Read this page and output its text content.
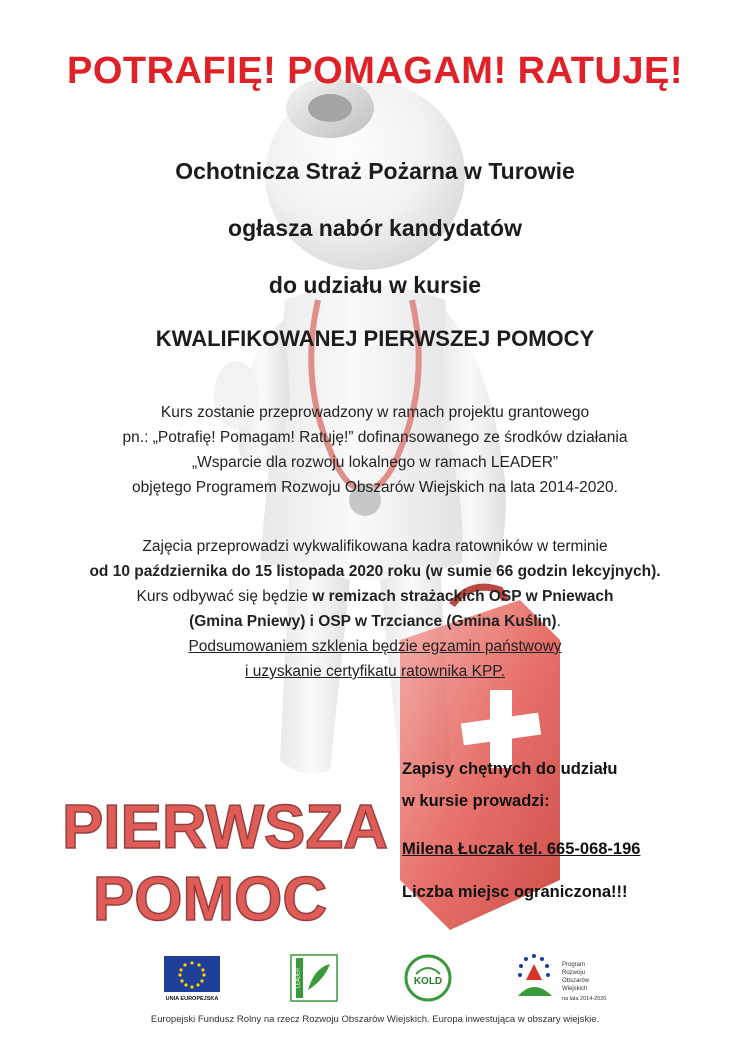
PIERWSZA
POMOC
POTRAFIĘ! POMAGAM! RATUJĘ!
Ochotnicza Straż Pożarna w Turowie
ogłasza nabór kandydatów
do udziału w kursie
KWALIFIKOWANEJ PIERWSZEJ POMOCY
Kurs zostanie przeprowadzony w ramach projektu grantowego
pn.: „Potrafię! Pomagam! Ratuję!” dofinansowanego ze środków działania
„Wsparcie dla rozwoju lokalnego w ramach LEADER”
objętego Programem Rozwoju Obszarów Wiejskich na lata 2014-2020.
Zajęcia przeprowadzi wykwalifikowana kadra ratowników w terminie
od 10 października do 15 listopada 2020 roku (w sumie 66 godzin lekcyjnych).
Kurs odbywać się będzie w remizach strażackich OSP w Pniewach
(Gmina Pniewy) i OSP w Trzciance (Gmina Kuślin).
Podsumowaniem szklenia będzie egzamin państwowy
i uzyskanie certyfikatu ratownika KPP.
Zapisy chętnych do udziału
w kursie prowadzi:
Milena Łuczak tel. 665-068-196
Liczba miejsc ograniczona!!!
UNIA EUROPEJSKA
LEADER	KOLD
Program
Rozwoju
Obszarów
Wiejskich
na lata 2014-2020
Europejski Fundusz Rolny na rzecz Rozwoju Obszarów Wiejskich. Europa inwestująca w obszary wiejskie.
